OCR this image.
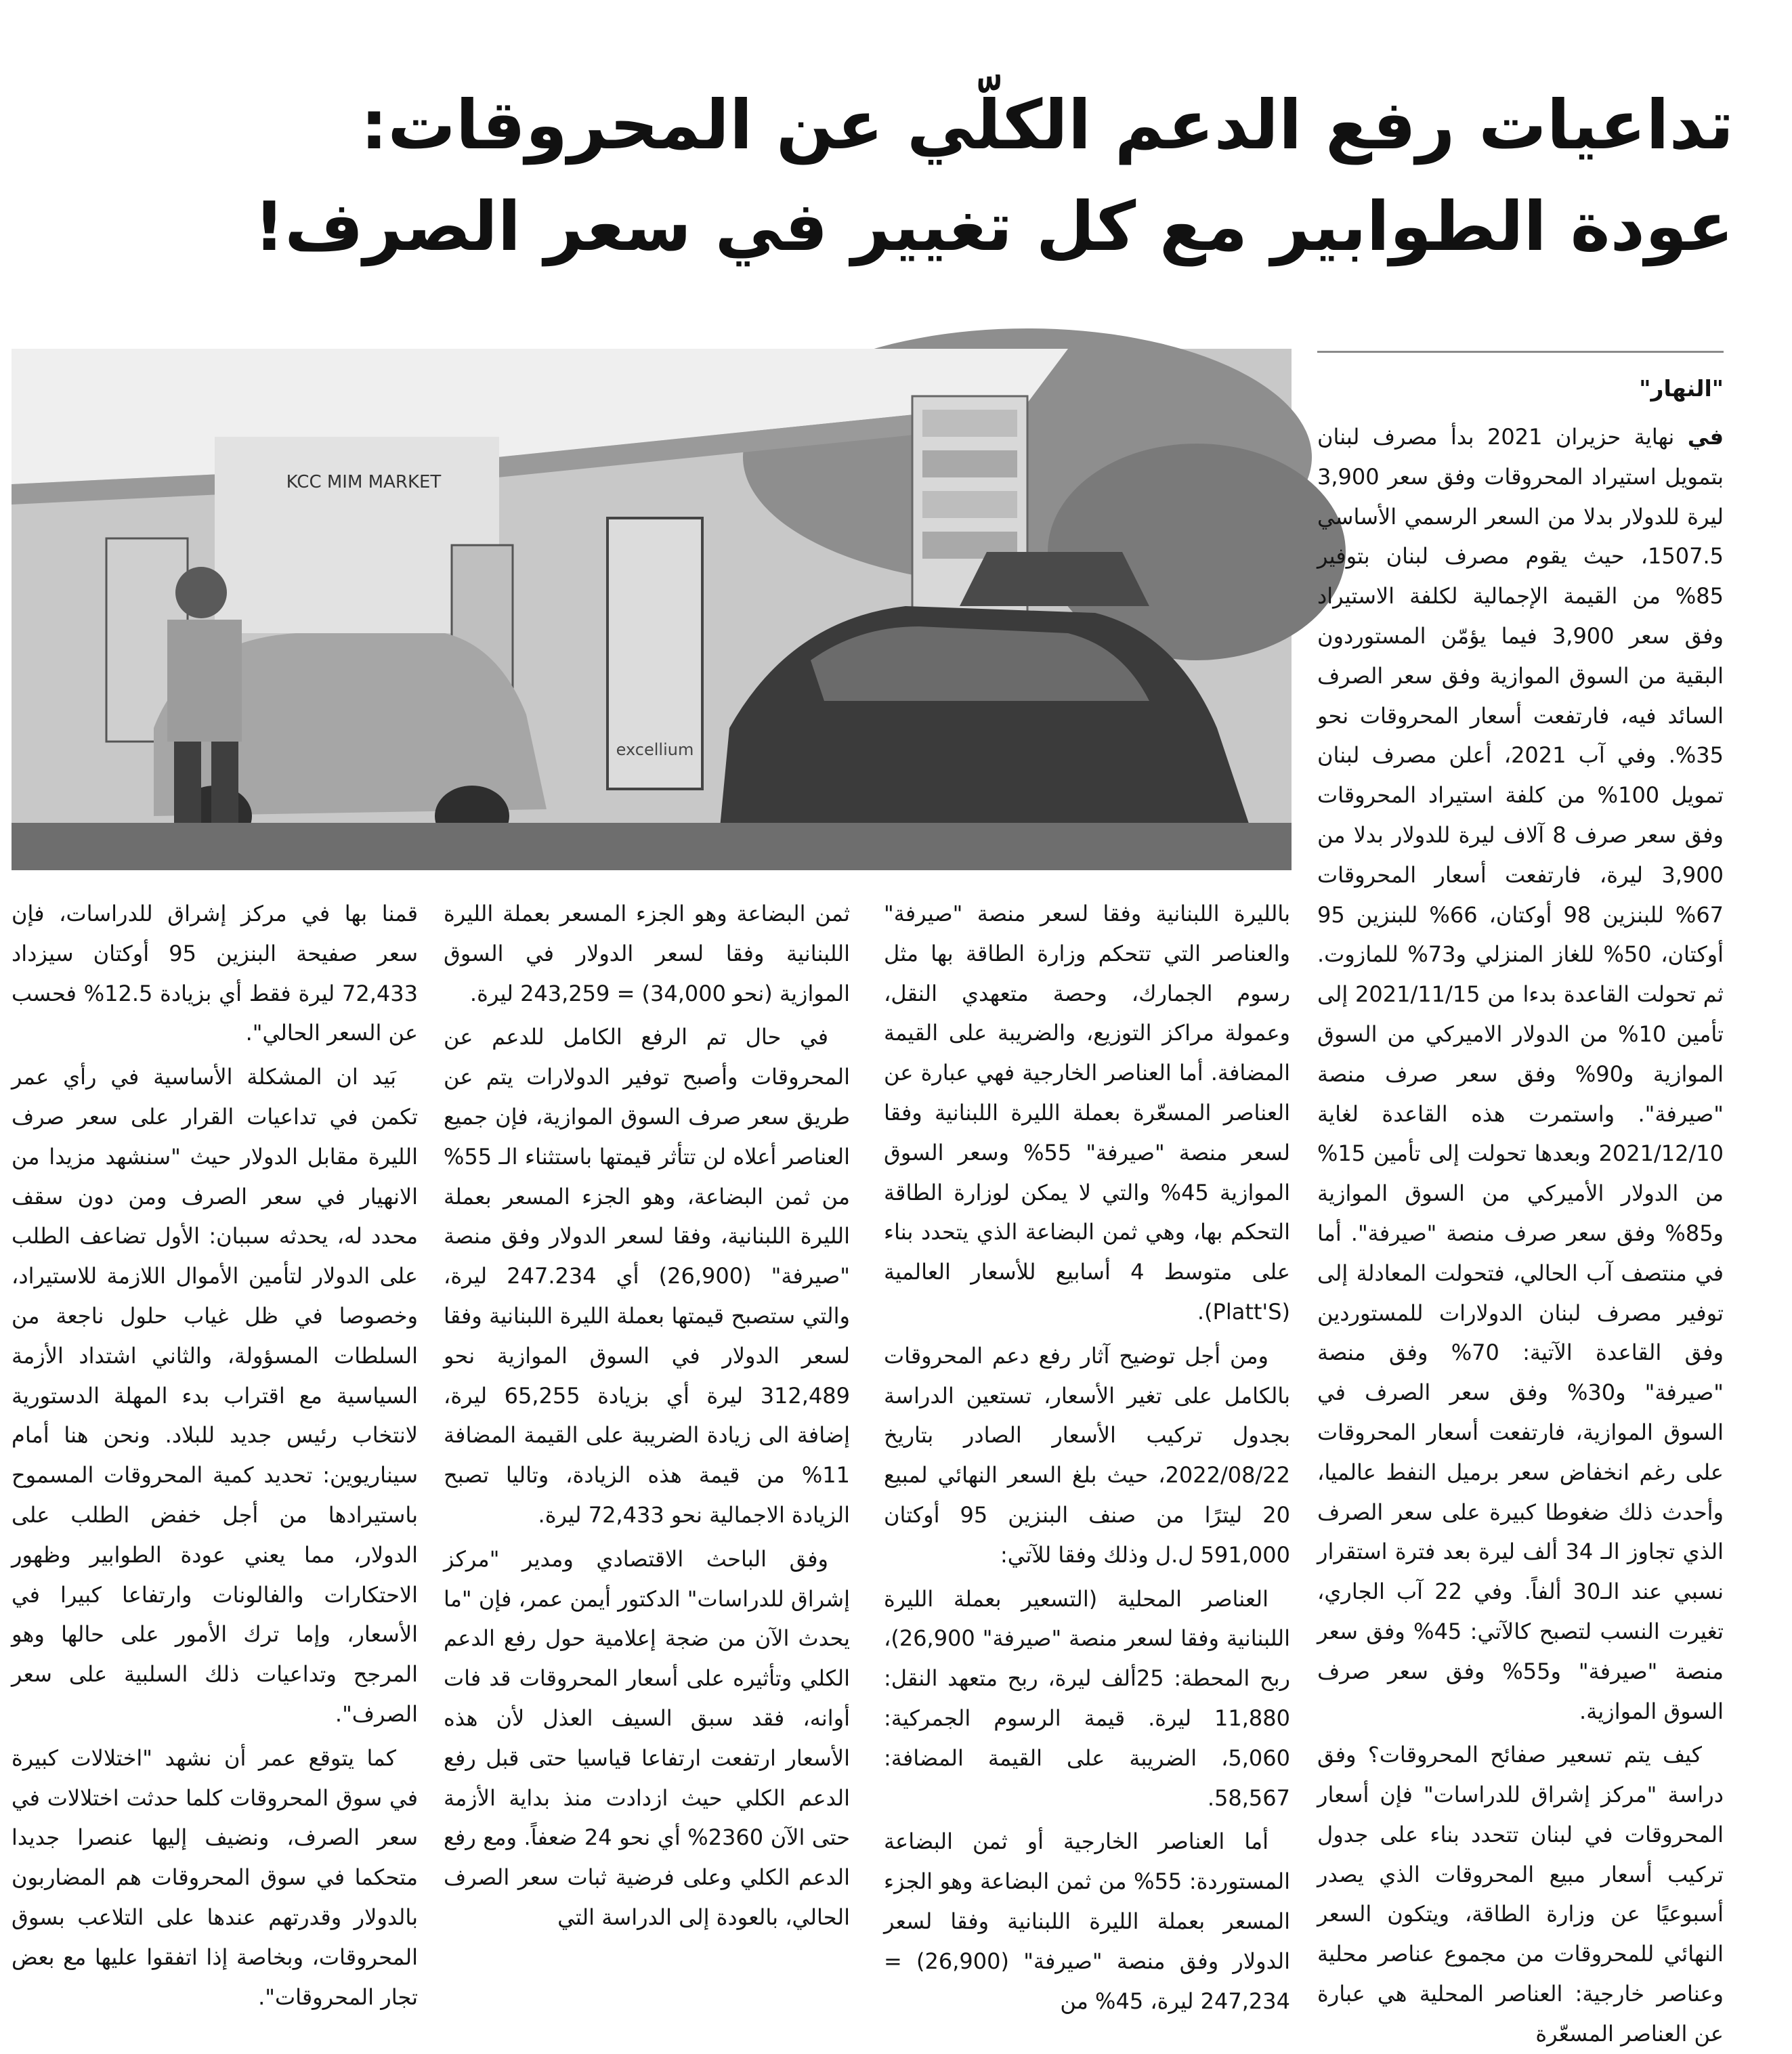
تداعيات رفع الدعم الكلّي عن المحروقات:
عودة الطوابير مع كل تغيير في سعر الصرف!
KCC MIM MARKET
excellium

"النهار"

في نهاية حزيران 2021 بدأ مصرف لبنان بتمويل استيراد المحروقات وفق سعر 3,900 ليرة للدولار بدلا من السعر الرسمي الأساسي 1507.5، حيث يقوم مصرف لبنان بتوفير 85% من القيمة الإجمالية لكلفة الاستيراد وفق سعر 3,900 فيما يؤمّن المستوردون البقية من السوق الموازية وفق سعر الصرف السائد فيه، فارتفعت أسعار المحروقات نحو 35%. وفي آب 2021، أعلن مصرف لبنان تمويل 100% من كلفة استيراد المحروقات وفق سعر صرف 8 آلاف ليرة للدولار بدلا من 3,900 ليرة، فارتفعت أسعار المحروقات 67% للبنزين 98 أوكتان، 66% للبنزين 95 أوكتان، 50% للغاز المنزلي و73% للمازوت. ثم تحولت القاعدة بدءا من 2021/11/15 إلى تأمين 10% من الدولار الاميركي من السوق الموازية و90% وفق سعر صرف منصة "صيرفة". واستمرت هذه القاعدة لغاية 2021/12/10 وبعدها تحولت إلى تأمين 15% من الدولار الأميركي من السوق الموازية و85% وفق سعر صرف منصة "صيرفة". أما في منتصف آب الحالي، فتحولت المعادلة إلى توفير مصرف لبنان الدولارات للمستوردين وفق القاعدة الآتية: 70% وفق منصة "صيرفة" و30% وفق سعر الصرف في السوق الموازية، فارتفعت أسعار المحروقات على رغم انخفاض سعر برميل النفط عالميا، وأحدث ذلك ضغوطا كبيرة على سعر الصرف الذي تجاوز الـ 34 ألف ليرة بعد فترة استقرار نسبي عند الـ30 ألفاً. وفي 22 آب الجاري، تغيرت النسب لتصبح كالآتي: 45% وفق سعر منصة "صيرفة" و55% وفق سعر صرف السوق الموازية.

كيف يتم تسعير صفائح المحروقات؟ وفق دراسة "مركز إشراق للدراسات" فإن أسعار المحروقات في لبنان تتحدد بناء على جدول تركيب أسعار مبيع المحروقات الذي يصدر أسبوعيًا عن وزارة الطاقة، ويتكون السعر النهائي للمحروقات من مجموع عناصر محلية وعناصر خارجية: العناصر المحلية هي عبارة عن العناصر المسعّرة

بالليرة اللبنانية وفقا لسعر منصة "صيرفة" والعناصر التي تتحكم وزارة الطاقة بها مثل رسوم الجمارك، وحصة متعهدي النقل، وعمولة مراكز التوزيع، والضريبة على القيمة المضافة. أما العناصر الخارجية فهي عبارة عن العناصر المسعّرة بعملة الليرة اللبنانية وفقا لسعر منصة "صيرفة" 55% وسعر السوق الموازية 45% والتي لا يمكن لوزارة الطاقة التحكم بها، وهي ثمن البضاعة الذي يتحدد بناء على متوسط 4 أسابيع للأسعار العالمية (Platt'S).

ومن أجل توضيح آثار رفع دعم المحروقات بالكامل على تغير الأسعار، تستعين الدراسة بجدول تركيب الأسعار الصادر بتاريخ 2022/08/22، حيث بلغ السعر النهائي لمبيع 20 ليترًا من صنف البنزين 95 أوكتان 591,000 ل.ل وذلك وفقا للآتي:

العناصر المحلية (التسعير بعملة الليرة اللبنانية وفقا لسعر منصة "صيرفة" 26,900)، ربح المحطة: 25ألف ليرة، ربح متعهد النقل: 11,880 ليرة. قيمة الرسوم الجمركية: 5,060، الضريبة على القيمة المضافة: 58,567.

أما العناصر الخارجية أو ثمن البضاعة المستوردة: 55% من ثمن البضاعة وهو الجزء المسعر بعملة الليرة اللبنانية وفقا لسعر الدولار وفق منصة "صيرفة" (26,900) = 247,234 ليرة، 45% من

ثمن البضاعة وهو الجزء المسعر بعملة الليرة اللبنانية وفقا لسعر الدولار في السوق الموازية (نحو 34,000) = 243,259 ليرة.

في حال تم الرفع الكامل للدعم عن المحروقات وأصبح توفير الدولارات يتم عن طريق سعر صرف السوق الموازية، فإن جميع العناصر أعلاه لن تتأثر قيمتها باستثناء الـ 55% من ثمن البضاعة، وهو الجزء المسعر بعملة الليرة اللبنانية، وفقا لسعر الدولار وفق منصة "صيرفة" (26,900) أي 247.234 ليرة، والتي ستصبح قيمتها بعملة الليرة اللبنانية وفقا لسعر الدولار في السوق الموازية نحو 312,489 ليرة أي بزيادة 65,255 ليرة، إضافة الى زيادة الضريبة على القيمة المضافة 11% من قيمة هذه الزيادة، وتاليا تصبح الزيادة الاجمالية نحو 72,433 ليرة.

وفق الباحث الاقتصادي ومدير "مركز إشراق للدراسات" الدكتور أيمن عمر، فإن "ما يحدث الآن من ضجة إعلامية حول رفع الدعم الكلي وتأثيره على أسعار المحروقات قد فات أوانه، فقد سبق السيف العذل لأن هذه الأسعار ارتفعت ارتفاعا قياسيا حتى قبل رفع الدعم الكلي حيث ازدادت منذ بداية الأزمة حتى الآن 2360% أي نحو 24 ضعفاً. ومع رفع الدعم الكلي وعلى فرضية ثبات سعر الصرف الحالي، بالعودة إلى الدراسة التي

قمنا بها في مركز إشراق للدراسات، فإن سعر صفيحة البنزين 95 أوكتان سيزداد 72,433 ليرة فقط أي بزيادة 12.5% فحسب عن السعر الحالي".

بَيد ان المشكلة الأساسية في رأي عمر تكمن في تداعيات القرار على سعر صرف الليرة مقابل الدولار حيث "سنشهد مزيدا من الانهيار في سعر الصرف ومن دون سقف محدد له، يحدثه سببان: الأول تضاعف الطلب على الدولار لتأمين الأموال اللازمة للاستيراد، وخصوصا في ظل غياب حلول ناجعة من السلطات المسؤولة، والثاني اشتداد الأزمة السياسية مع اقتراب بدء المهلة الدستورية لانتخاب رئيس جديد للبلاد. ونحن هنا أمام سيناريوين: تحديد كمية المحروقات المسموح باستيرادها من أجل خفض الطلب على الدولار، مما يعني عودة الطوابير وظهور الاحتكارات والفالونات وارتفاعا كبيرا في الأسعار، وإما ترك الأمور على حالها وهو المرجح وتداعيات ذلك السلبية على سعر الصرف".

كما يتوقع عمر أن نشهد "اختلالات كبيرة في سوق المحروقات كلما حدثت اختلالات في سعر الصرف، ونضيف إليها عنصرا جديدا متحكما في سوق المحروقات هم المضاربون بالدولار وقدرتهم عندها على التلاعب بسوق المحروقات، وبخاصة إذا اتفقوا عليها مع بعض تجار المحروقات".
